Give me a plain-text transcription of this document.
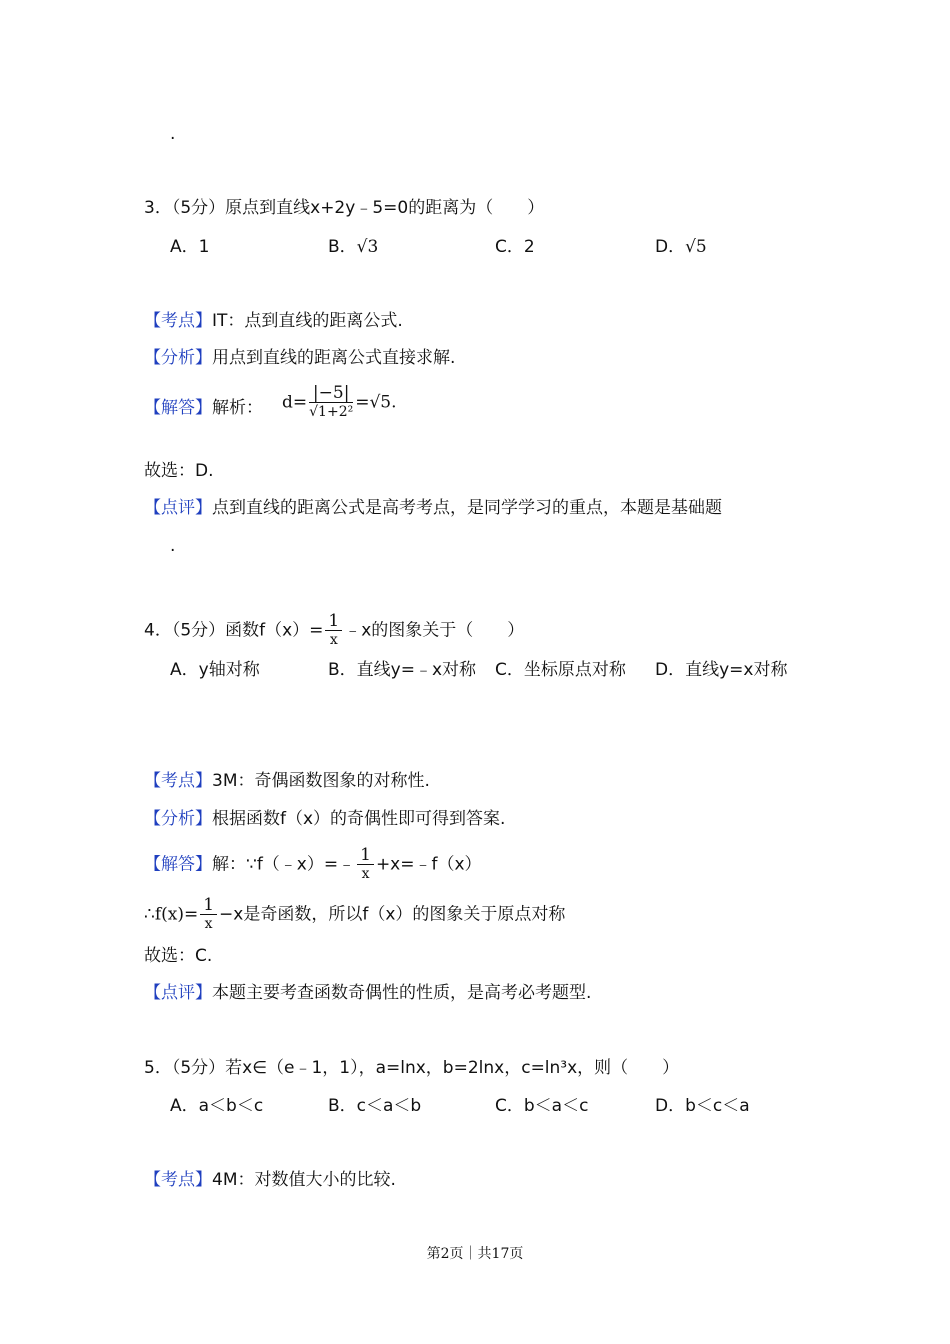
.
3．（5分）原点到直线x+2y﹣5=0的距离为（　　）
A．1	B．√3	C．2	D．√5
【考点】IT：点到直线的距离公式.
【分析】用点到直线的距离公式直接求解.
【解答】解析： $d= \frac{|-5|}{\text{√1+2²}} =√5$.
故选：D.
【点评】点到直线的距离公式是高考考点，是同学学习的重点，本题是基础题
.
4．（5分）函数$f(x)= \frac{1}{x}$ ﹣x的图象关于（　　）
A．y轴对称	B．直线y=﹣x对称 C．坐标原点对称 D．直线y=x对称
【考点】3M：奇偶函数图象的对称性.
【分析】根据函数f（x）的奇偶性即可得到答案.
【解答】解：∵f（﹣x）=﹣ $\frac{1}{x}$ +x=﹣f（x）
∴f(x)= $\frac{1}{x} -x$是奇函数，所以f（x）的图象关于原点对称
故选：C.
【点评】本题主要考查函数奇偶性的性质，是高考必考题型.
5．（5分）若x∈（e﹣1，1），a=lnx，b=2lnx，c=ln³x，则（　　）
A．a＜b＜c	B．c＜a＜b	C．b＜a＜c	D．b＜c＜a
【考点】4M：对数值大小的比较.
第2页｜共17页
